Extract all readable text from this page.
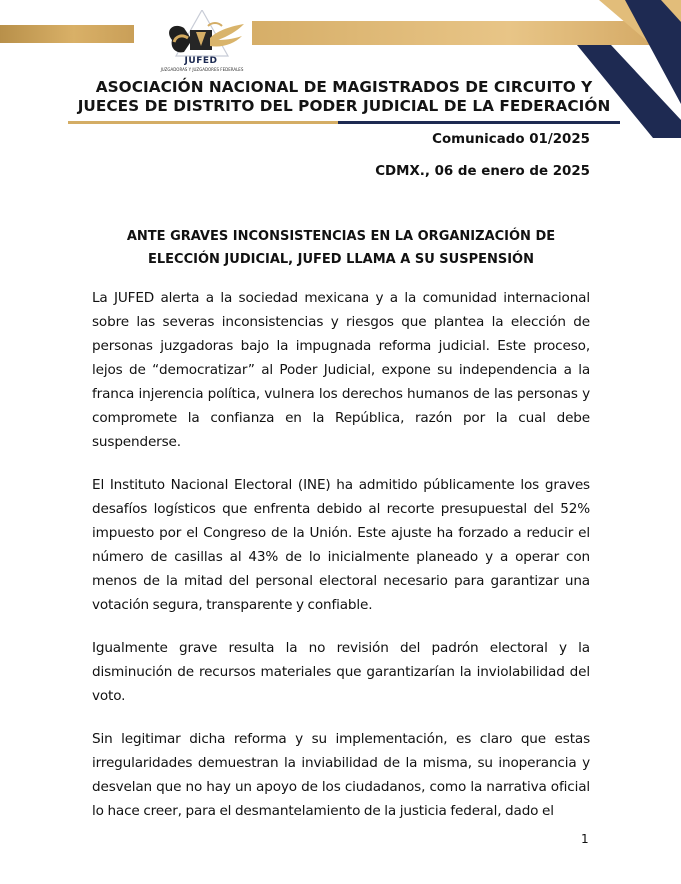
JUFED
JUZGADORAS Y JUZGADORES FEDERALES
ASOCIACIÓN NACIONAL DE MAGISTRADOS DE CIRCUITO Y
JUECES DE DISTRITO DEL PODER JUDICIAL DE LA FEDERACIÓN
Comunicado 01/2025
CDMX., 06 de enero de 2025
ANTE GRAVES INCONSISTENCIAS EN LA ORGANIZACIÓN DE
ELECCIÓN JUDICIAL, JUFED LLAMA A SU SUSPENSIÓN

La JUFED alerta a la sociedad mexicana y a la comunidad internacional sobre las severas inconsistencias y riesgos que plantea la elección de personas juzgadoras bajo la impugnada reforma judicial. Este proceso, lejos de “democratizar” al Poder Judicial, expone su independencia a la franca injerencia política, vulnera los derechos humanos de las personas y compromete la confianza en la República, razón por la cual debe suspenderse.

El Instituto Nacional Electoral (INE) ha admitido públicamente los graves desafíos logísticos que enfrenta debido al recorte presupuestal del 52% impuesto por el Congreso de la Unión. Este ajuste ha forzado a reducir el número de casillas al 43% de lo inicialmente planeado y a operar con menos de la mitad del personal electoral necesario para garantizar una votación segura, transparente y confiable.

Igualmente grave resulta la no revisión del padrón electoral y la disminución de recursos materiales que garantizarían la inviolabilidad del voto.

Sin legitimar dicha reforma y su implementación, es claro que estas irregularidades demuestran la inviabilidad de la misma, su inoperancia y desvelan que no hay un apoyo de los ciudadanos, como la narrativa oficial lo hace creer, para el desmantelamiento de la justicia federal, dado el

1
